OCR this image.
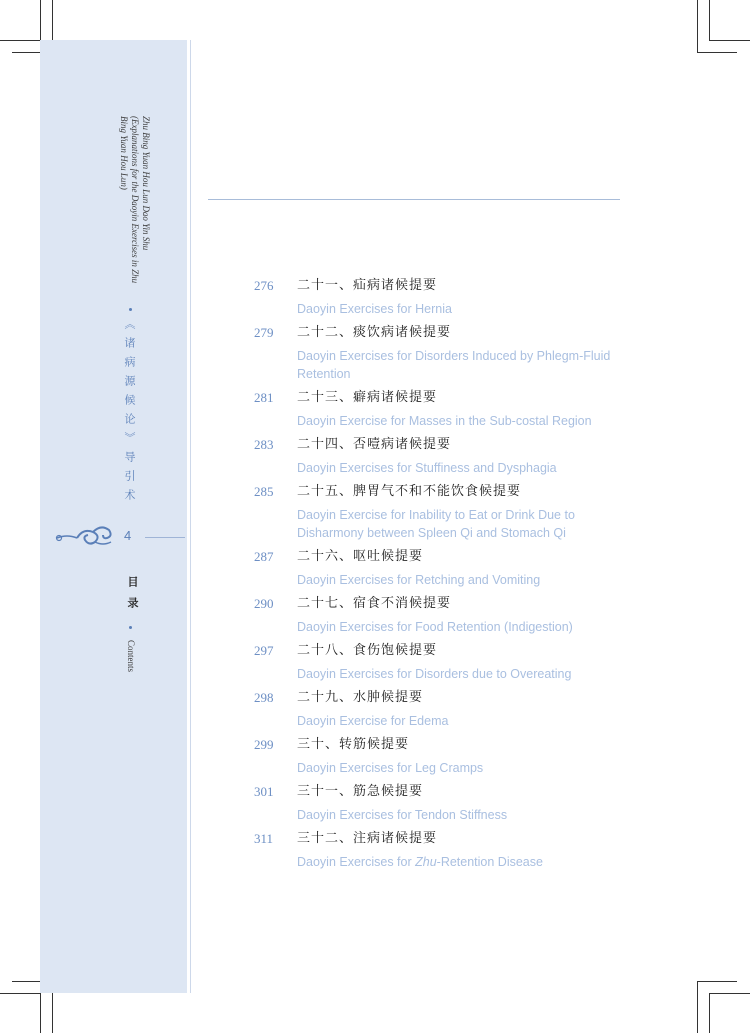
Zhu Bing Yuan Hou Lun Dao Yin Shu (Explanations for the Daoyin Exercises in Zhu Bing Yuan Hou Lun)
《诸病源候论》导引术
4
目录
Contents
276	二十一、疝病诸候提要
Daoyin Exercises for Hernia
279	二十二、痰饮病诸候提要
Daoyin Exercises for Disorders Induced by Phlegm-Fluid Retention
281	二十三、癖病诸候提要
Daoyin Exercise for Masses in the Sub-costal Region
283	二十四、否噎病诸候提要
Daoyin Exercises for Stuffiness and Dysphagia
285	二十五、脾胃气不和不能饮食候提要
Daoyin Exercise for Inability to Eat or Drink Due to Disharmony between Spleen Qi and Stomach Qi
287	二十六、呕吐候提要
Daoyin Exercises for Retching and Vomiting
290	二十七、宿食不消候提要
Daoyin Exercises for Food Retention (Indigestion)
297	二十八、食伤饱候提要
Daoyin Exercises for Disorders due to Overeating
298	二十九、水肿候提要
Daoyin Exercise for Edema
299	三十、转筋候提要
Daoyin Exercises for Leg Cramps
301	三十一、筋急候提要
Daoyin Exercises for Tendon Stiffness
311	三十二、注病诸候提要
Daoyin Exercises for Zhu-Retention Disease
